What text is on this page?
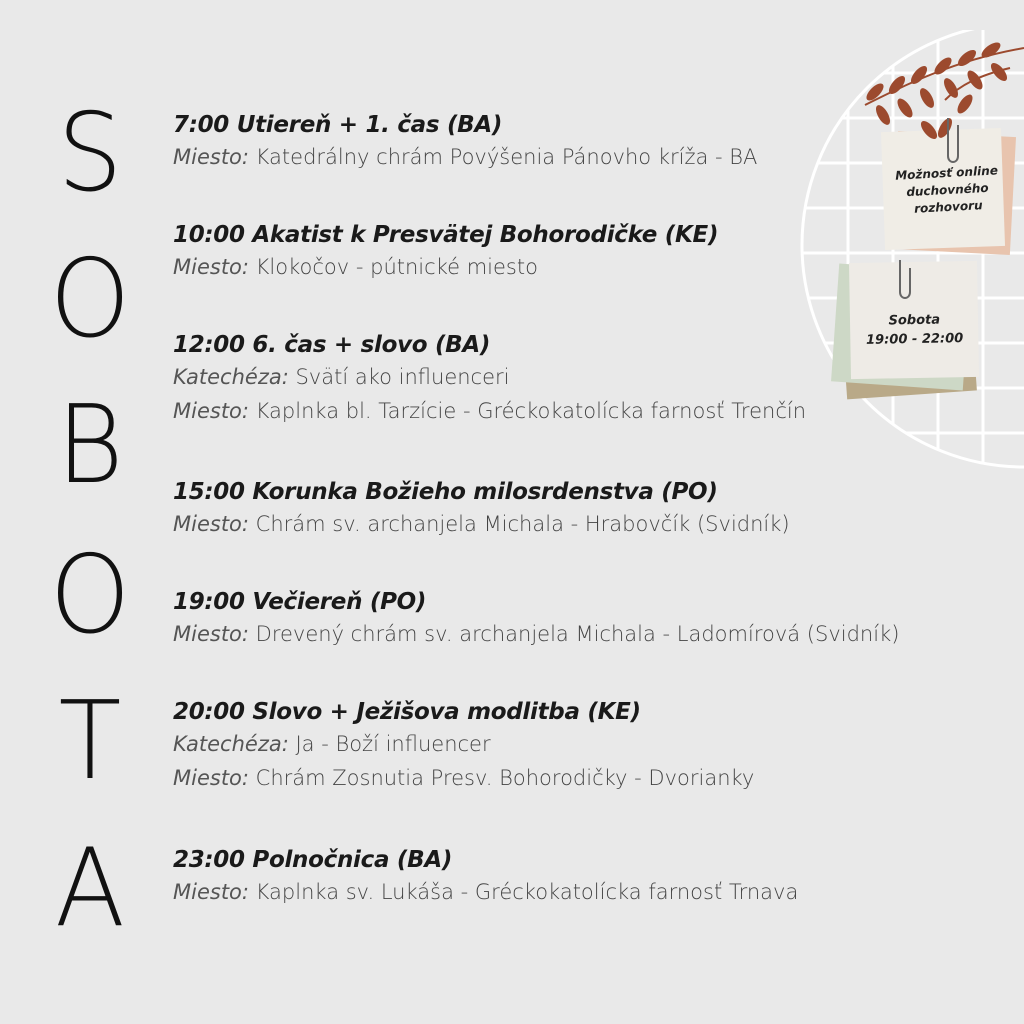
S
O
B
O
T
A
7:00 Utiereň + 1. čas (BA)
Miesto: Katedrálny chrám Povýšenia Pánovho kríža - BA
10:00 Akatist k Presvätej Bohorodičke (KE)
Miesto: Klokočov - pútnické miesto
12:00 6. čas + slovo (BA)
Katechéza: Svätí ako influenceri
Miesto: Kaplnka bl. Tarzície - Gréckokatolícka farnosť Trenčín
15:00 Korunka Božieho milosrdenstva (PO)
Miesto: Chrám sv. archanjela Michala - Hrabovčík (Svidník)
19:00 Večiereň (PO)
Miesto: Drevený chrám sv. archanjela Michala - Ladomírová (Svidník)
20:00 Slovo + Ježišova modlitba (KE)
Katechéza: Ja - Boží influencer
Miesto: Chrám Zosnutia Presv. Bohorodičky - Dvorianky
23:00 Polnočnica (BA)
Miesto: Kaplnka sv. Lukáša - Gréckokatolícka farnosť Trnava
Možnosť online
duchovného
rozhovoru
Sobota
19:00 - 22:00
